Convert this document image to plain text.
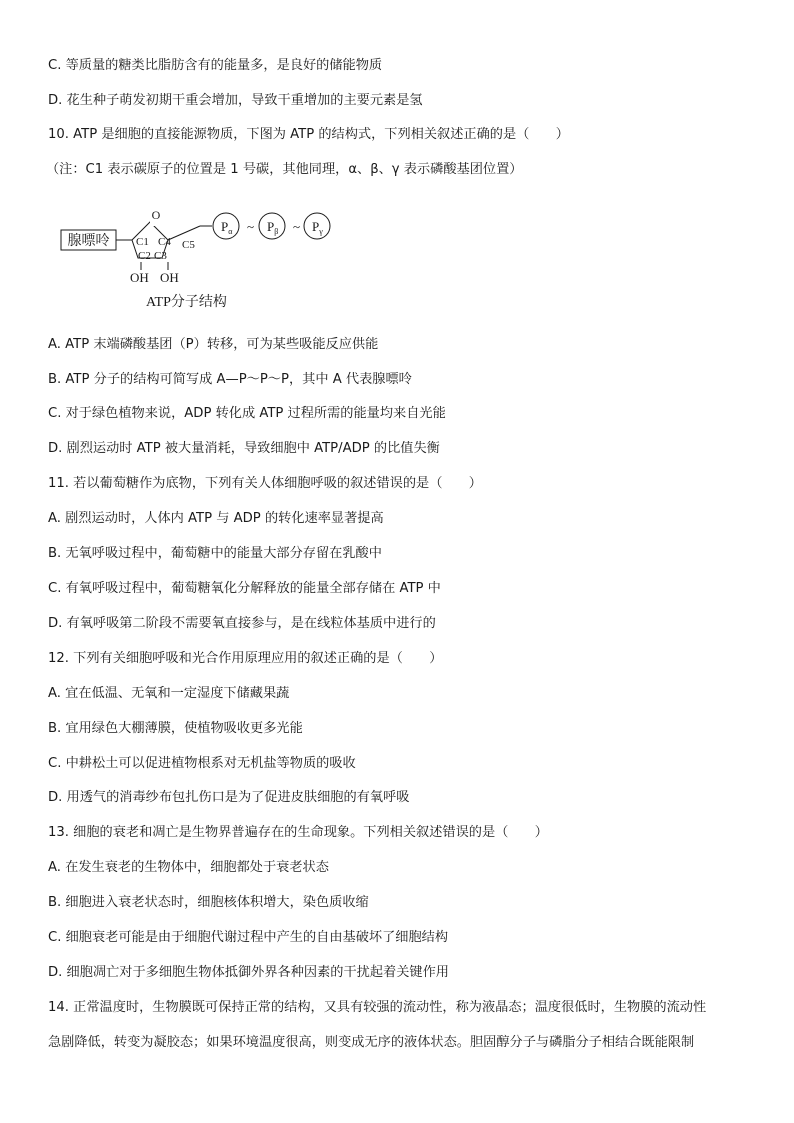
C. 等质量的糖类比脂肪含有的能量多，是良好的储能物质
D. 花生种子萌发初期干重会增加，导致干重增加的主要元素是氢
10. ATP 是细胞的直接能源物质，下图为 ATP 的结构式，下列相关叙述正确的是（　　）
（注：C1 表示碳原子的位置是 1 号碳，其他同理，α、β、γ 表示磷酸基团位置）
腺嘌呤
O
C1 C4
C2 C3
OH OH
C5
$P_\alpha$ ~ $P_\beta$ ~ $P_\gamma$
ATP分子结构
A. ATP 末端磷酸基团（P）转移，可为某些吸能反应供能
B. ATP 分子的结构可简写成 A—P～P～P，其中 A 代表腺嘌呤
C. 对于绿色植物来说，ADP 转化成 ATP 过程所需的能量均来自光能
D. 剧烈运动时 ATP 被大量消耗，导致细胞中 ATP/ADP 的比值失衡
11. 若以葡萄糖作为底物，下列有关人体细胞呼吸的叙述错误的是（　　）
A. 剧烈运动时，人体内 ATP 与 ADP 的转化速率显著提高
B. 无氧呼吸过程中，葡萄糖中的能量大部分存留在乳酸中
C. 有氧呼吸过程中，葡萄糖氧化分解释放的能量全部存储在 ATP 中
D. 有氧呼吸第二阶段不需要氧直接参与，是在线粒体基质中进行的
12. 下列有关细胞呼吸和光合作用原理应用的叙述正确的是（　　）
A. 宜在低温、无氧和一定湿度下储藏果蔬
B. 宜用绿色大棚薄膜，使植物吸收更多光能
C. 中耕松土可以促进植物根系对无机盐等物质的吸收
D. 用透气的消毒纱布包扎伤口是为了促进皮肤细胞的有氧呼吸
13. 细胞的衰老和凋亡是生物界普遍存在的生命现象。下列相关叙述错误的是（　　）
A. 在发生衰老的生物体中，细胞都处于衰老状态
B. 细胞进入衰老状态时，细胞核体积增大，染色质收缩
C. 细胞衰老可能是由于细胞代谢过程中产生的自由基破坏了细胞结构
D. 细胞凋亡对于多细胞生物体抵御外界各种因素的干扰起着关键作用
14. 正常温度时，生物膜既可保持正常的结构，又具有较强的流动性，称为液晶态；温度很低时，生物膜的流动性
急剧降低，转变为凝胶态；如果环境温度很高，则变成无序的液体状态。胆固醇分子与磷脂分子相结合既能限制
